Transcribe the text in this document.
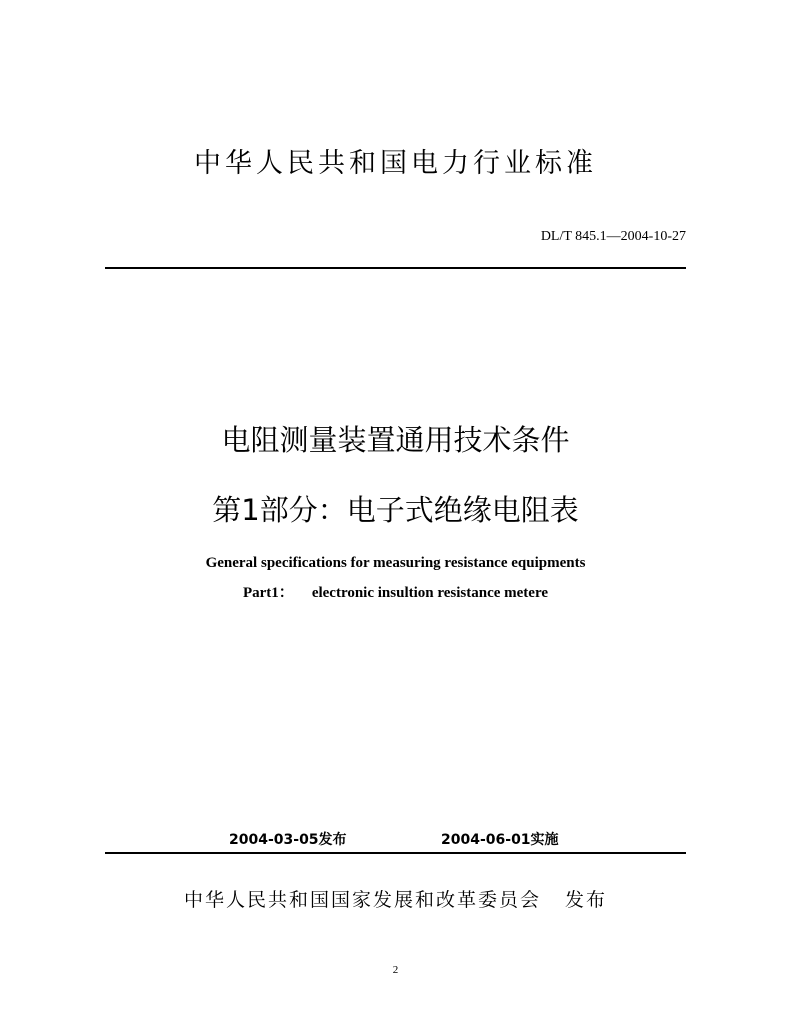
中华人民共和国电力行业标准
DL/T 845.1—2004-10-27
电阻测量装置通用技术条件
第1部分：电子式绝缘电阻表
General specifications for measuring resistance equipments
Part1： electronic insultion resistance metere
2004-03-05发布	2004-06-01实施
中华人民共和国国家发展和改革委员会 发布
2
